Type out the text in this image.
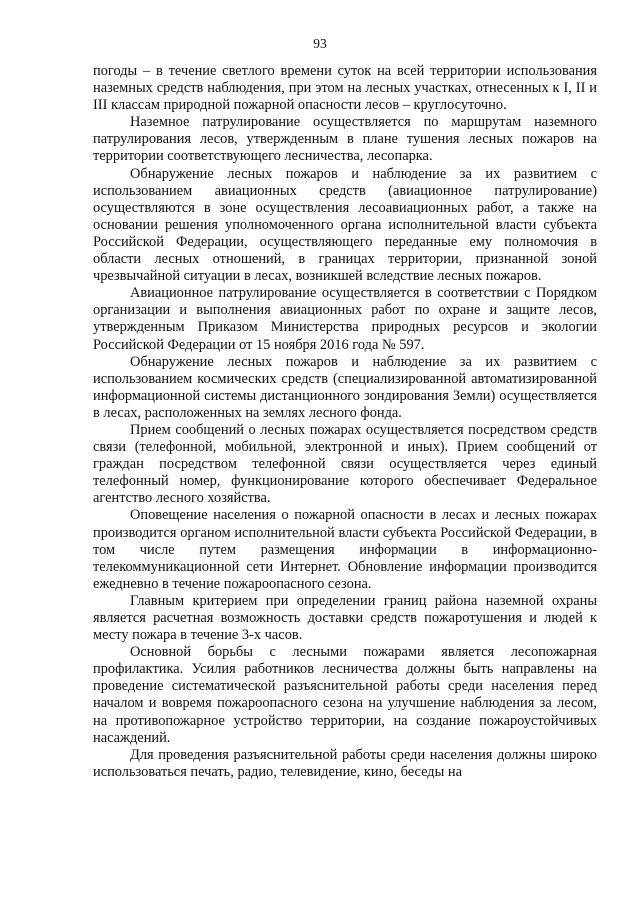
93

погоды – в течение светлого времени суток на всей территории использования наземных средств наблюдения, при этом на лесных участках, отнесенных к I, II и III классам природной пожарной опасности лесов – круглосуточно.

Наземное патрулирование осуществляется по маршрутам наземного патрулирования лесов, утвержденным в плане тушения лесных пожаров на территории соответствующего лесничества, лесопарка.

Обнаружение лесных пожаров и наблюдение за их развитием с использованием авиационных средств (авиационное патрулирование) осуществляются в зоне осуществления лесоавиационных работ, а также на основании решения уполномоченного органа исполнительной власти субъекта Российской Федерации, осуществляющего переданные ему полномочия в области лесных отношений, в границах территории, признанной зоной чрезвычайной ситуации в лесах, возникшей вследствие лесных пожаров.

Авиационное патрулирование осуществляется в соответствии с Порядком организации и выполнения авиационных работ по охране и защите лесов, утвержденным Приказом Министерства природных ресурсов и экологии Российской Федерации от 15 ноября 2016 года № 597.

Обнаружение лесных пожаров и наблюдение за их развитием с использованием космических средств (специализированной автоматизированной информационной системы дистанционного зондирования Земли) осуществляется в лесах, расположенных на землях лесного фонда.

Прием сообщений о лесных пожарах осуществляется посредством средств связи (телефонной, мобильной, электронной и иных). Прием сообщений от граждан посредством телефонной связи осуществляется через единый телефонный номер, функционирование которого обеспечивает Федеральное агентство лесного хозяйства.

Оповещение населения о пожарной опасности в лесах и лесных пожарах производится органом исполнительной власти субъекта Российской Федерации, в том числе путем размещения информации в информационно-телекоммуникационной сети Интернет. Обновление информации производится ежедневно в течение пожароопасного сезона.

Главным критерием при определении границ района наземной охраны является расчетная возможность доставки средств пожаротушения и людей к месту пожара в течение 3-х часов.

Основной борьбы с лесными пожарами является лесопожарная профилактика. Усилия работников лесничества должны быть направлены на проведение систематической разъяснительной работы среди населения перед началом и вовремя пожароопасного сезона на улучшение наблюдения за лесом, на противопожарное устройство территории, на создание пожароустойчивых насаждений.

Для проведения разъяснительной работы среди населения должны широко использоваться печать, радио, телевидение, кино, беседы на
